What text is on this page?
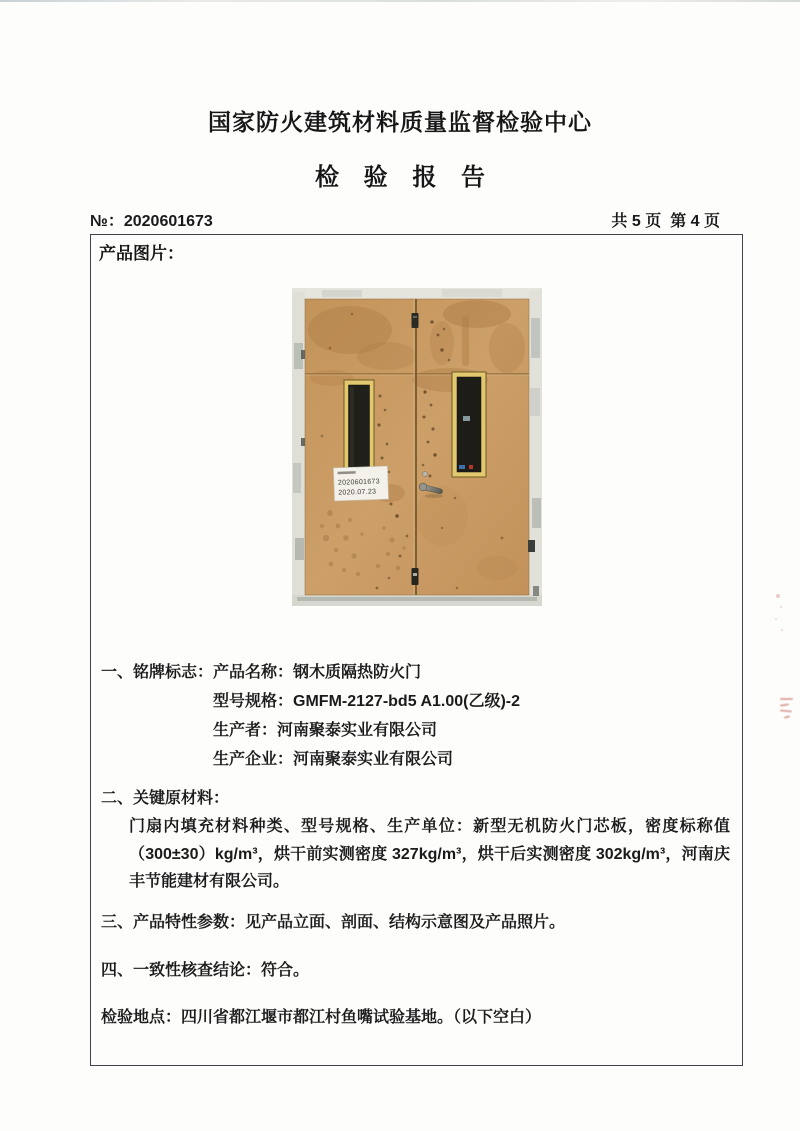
国家防火建筑材料质量监督检验中心
检 验 报 告
№：2020601673	共 5 页 第 4 页
产品图片：
2020601673
2020.07.23
一、铭牌标志： 产品名称：钢木质隔热防火门
型号规格：GMFM-2127-bd5 A1.00(乙级)-2
生产者：河南聚泰实业有限公司
生产企业：河南聚泰实业有限公司
二、关键原材料：
门扇内填充材料种类、型号规格、生产单位：新型无机防火门芯板，密度标称值（300±30）kg/m³，烘干前实测密度 327kg/m³，烘干后实测密度 302kg/m³，河南庆丰节能建材有限公司。
三、产品特性参数：见产品立面、剖面、结构示意图及产品照片。
四、一致性核查结论：符合。
检验地点：四川省都江堰市都江村鱼嘴试验基地。（以下空白）
